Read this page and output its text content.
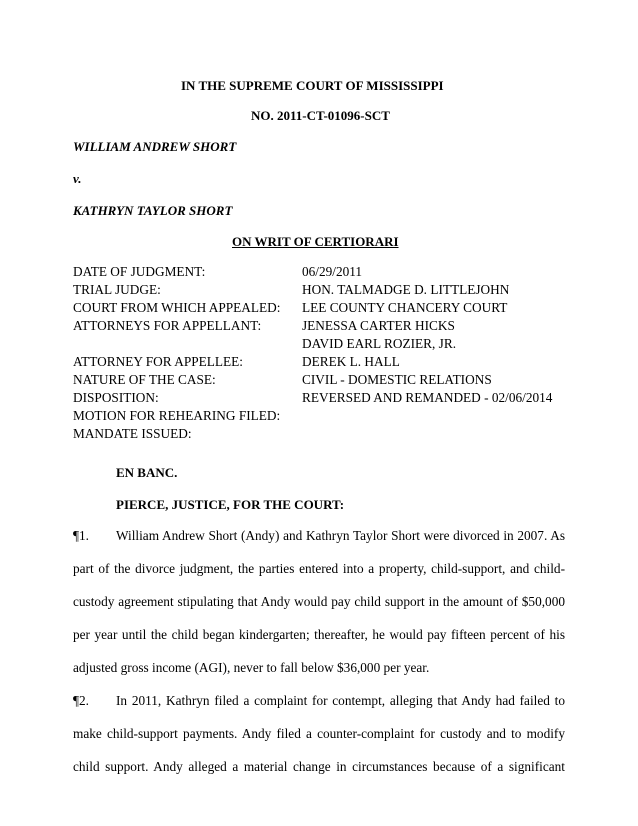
IN THE SUPREME COURT OF MISSISSIPPI
NO. 2011-CT-01096-SCT
WILLIAM ANDREW SHORT
v.
KATHRYN TAYLOR SHORT
ON WRIT OF CERTIORARI
DATE OF JUDGMENT:	06/29/2011
TRIAL JUDGE:	HON. TALMADGE D. LITTLEJOHN
COURT FROM WHICH APPEALED: LEE COUNTY CHANCERY COURT
ATTORNEYS FOR APPELLANT:	JENESSA CARTER HICKS
DAVID EARL ROZIER, JR.
ATTORNEY FOR APPELLEE:	DEREK L. HALL
NATURE OF THE CASE:	CIVIL - DOMESTIC RELATIONS
DISPOSITION:	REVERSED AND REMANDED - 02/06/2014
MOTION FOR REHEARING FILED:
MANDATE ISSUED:
EN BANC.
PIERCE, JUSTICE, FOR THE COURT:
¶1. William Andrew Short (Andy) and Kathryn Taylor Short were divorced in 2007. As
part of the divorce judgment, the parties entered into a property, child-support, and child-
custody agreement stipulating that Andy would pay child support in the amount of $50,000
per year until the child began kindergarten; thereafter, he would pay fifteen percent of his
adjusted gross income (AGI), never to fall below $36,000 per year.
¶2. In 2011, Kathryn filed a complaint for contempt, alleging that Andy had failed to
make child-support payments. Andy filed a counter-complaint for custody and to modify
child support. Andy alleged a material change in circumstances because of a significant
